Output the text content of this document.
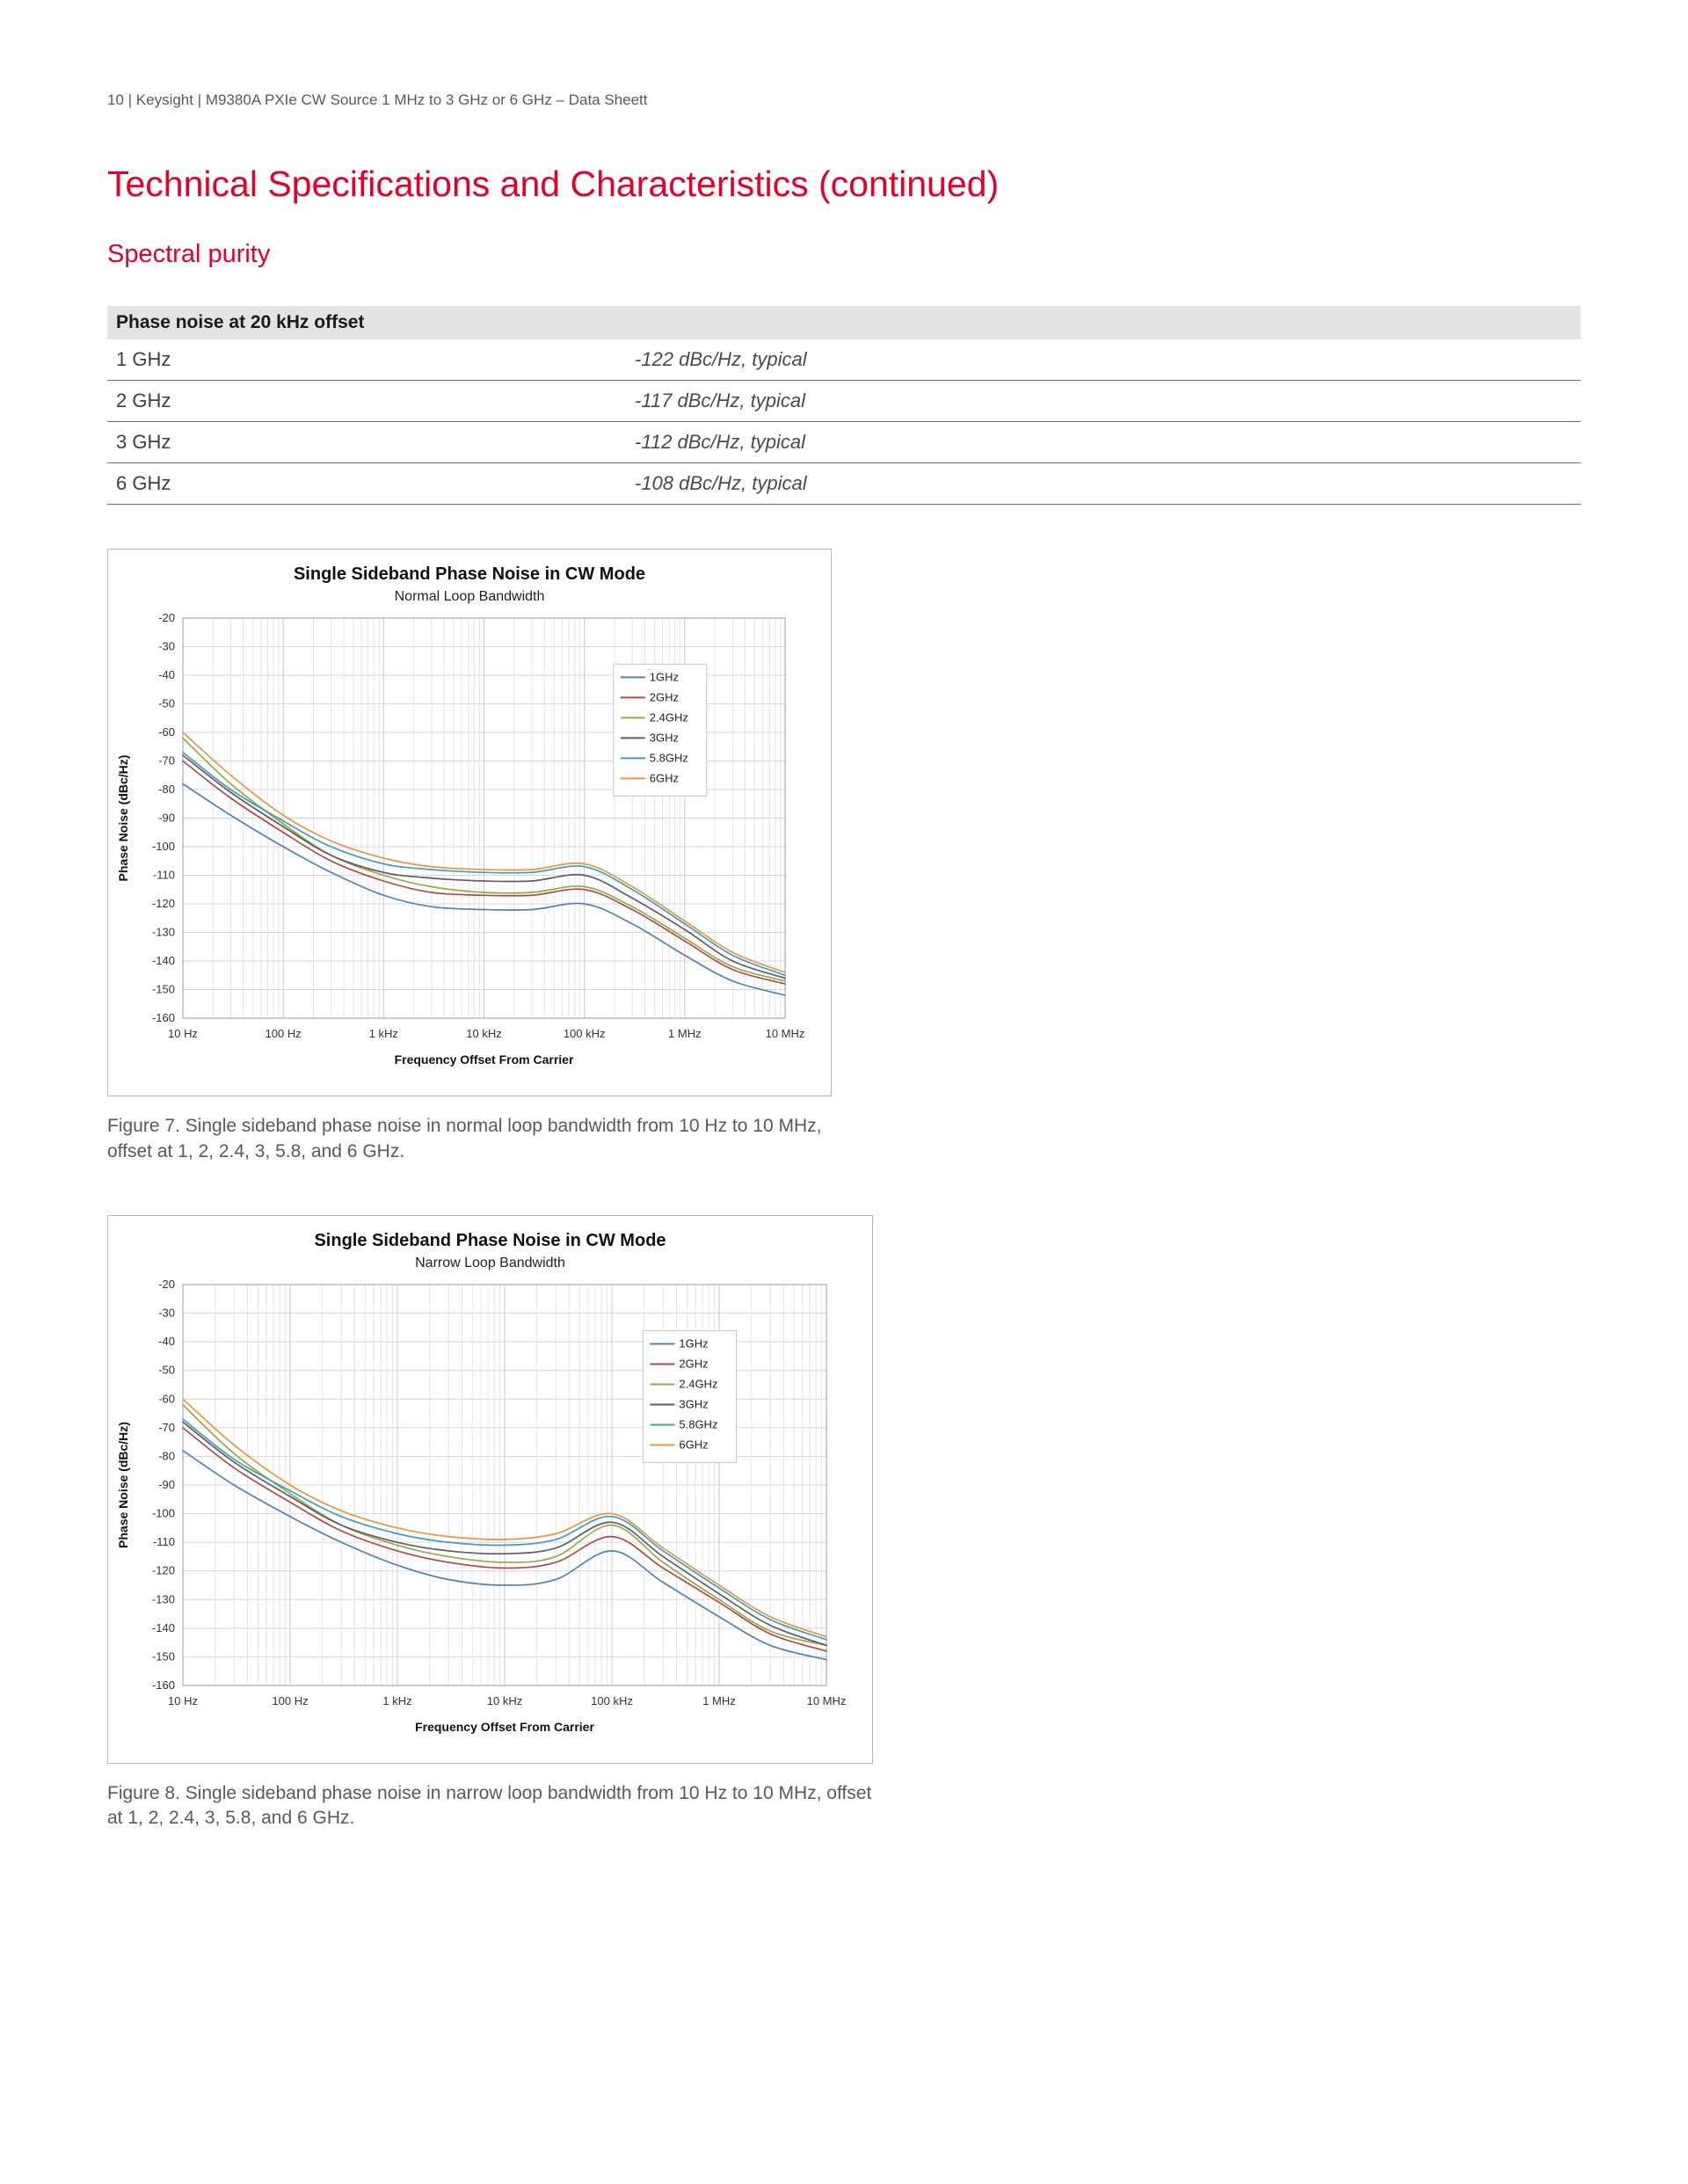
10 | Keysight | M9380A PXIe CW Source 1 MHz to 3 GHz or 6 GHz – Data Sheett
Technical Specifications and Characteristics (continued)
Spectral purity
Phase noise at 20 kHz offset
1 GHz	-122 dBc/Hz, typical
2 GHz	-117 dBc/Hz, typical
3 GHz	-112 dBc/Hz, typical
6 GHz	-108 dBc/Hz, typical
-160
-150
-140
-130
-120
-110
-100
-90
-80
-70
-60
-50
-40
-30
-20
10 Hz	100 Hz	1 kHz	10 kHz	100 kHz	1 MHz	10 MHz
1GHz
2GHz
2.4GHz
3GHz
5.8GHz
6GHz
Single Sideband Phase Noise in CW Mode
Normal Loop Bandwidth
Phase Noise (dBc/Hz)
Frequency Offset From Carrier

Figure 7. Single sideband phase noise in normal loop bandwidth from 10 Hz to 10 MHz, offset at 1, 2, 2.4, 3, 5.8, and 6 GHz.

-160
-150
-140
-130
-120
-110
-100
-90
-80
-70
-60
-50
-40
-30
-20
10 Hz	100 Hz	1 kHz	10 kHz	100 kHz	1 MHz	10 MHz
1GHz
2GHz
2.4GHz
3GHz
5.8GHz
6GHz
Single Sideband Phase Noise in CW Mode
Narrow Loop Bandwidth
Phase Noise (dBc/Hz)
Frequency Offset From Carrier

Figure 8. Single sideband phase noise in narrow loop bandwidth from 10 Hz to 10 MHz, offset at 1, 2, 2.4, 3, 5.8, and 6 GHz.
